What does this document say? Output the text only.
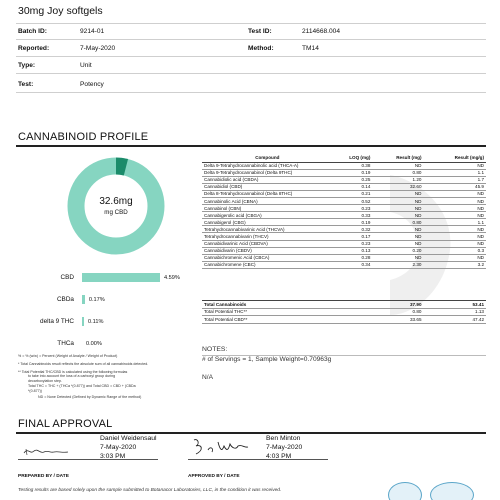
30mg Joy softgels
Batch ID:	9214-01	Test ID:	2114668.004
Reported:	7-May-2020	Method:	TM14
Type:	Unit
Test:	Potency
CANNABINOID PROFILE
32.6mg
mg CBD
CBD	4.59%
CBDa	0.17%
delta 9 THC	0.11%
THCa 0.00%
% = % (w/w) = Percent (Weight of Analyte / Weight of Product)
* Total Cannabinoids result reflects the absolute sum of all cannabinoids detected.
** Total Potential THC/CBD is calculated using the following formulas
to take into account the loss of a carboxyl group during
decarboxylation step.
Total THC = THC + (THCa *(0.877)) and Total CBD = CBD + (CBDa
*(0.877))
ND = None Detected (Defined by Dynamic Range of the method)
Compound	LOQ (mg)	Result (mg)	Result (mg/g)
Delta 9-Tetrahydrocannabinolic acid (THCA-A)	0.38	ND	ND
Delta 9-Tetrahydrocannabinol (Delta 9THC)	0.19	0.80	1.1
Cannabidiolic acid (CBDA)	0.25	1.20	1.7
Cannabidiol (CBD)	0.14	32.60	45.9
Delta 8-Tetrahydrocannabinol (Delta 8THC)	0.21	ND	ND
Cannabinolic Acid (CBNA)	0.52	ND	ND
Cannabinol (CBN)	0.23	ND	ND
Cannabigerolic acid (CBGA)	0.33	ND	ND
Cannabigerol (CBG)	0.19	0.80	1.1
Tetrahydrocannabivarinic Acid (THCVA)	0.32	ND	ND
Tetrahydrocannabivarin (THCV)	0.17	ND	ND
Cannabidivarinic Acid (CBDVA)	0.23	ND	ND
Cannabidivarin (CBDV)	0.13	0.20	0.3
Cannabichromenic Acid (CBCA)	0.28	ND	ND
Cannabichromene (CBC)	0.34	2.30	3.2
Total Cannabinoids		37.90	53.41
Total Potential THC**		0.80	1.13
Total Potential CBD**		33.65	47.42
NOTES:
# of Servings = 1, Sample Weight=0.70963g
N/A
FINAL APPROVAL
Daniel Weidensaul
7-May-2020
3:03 PM
PREPARED BY / DATE
Ben Minton
7-May-2020
4:03 PM
APPROVED BY / DATE
Testing results are based solely upon the sample submitted to Botanacor Laboratories, LLC, in the condition it was received.
